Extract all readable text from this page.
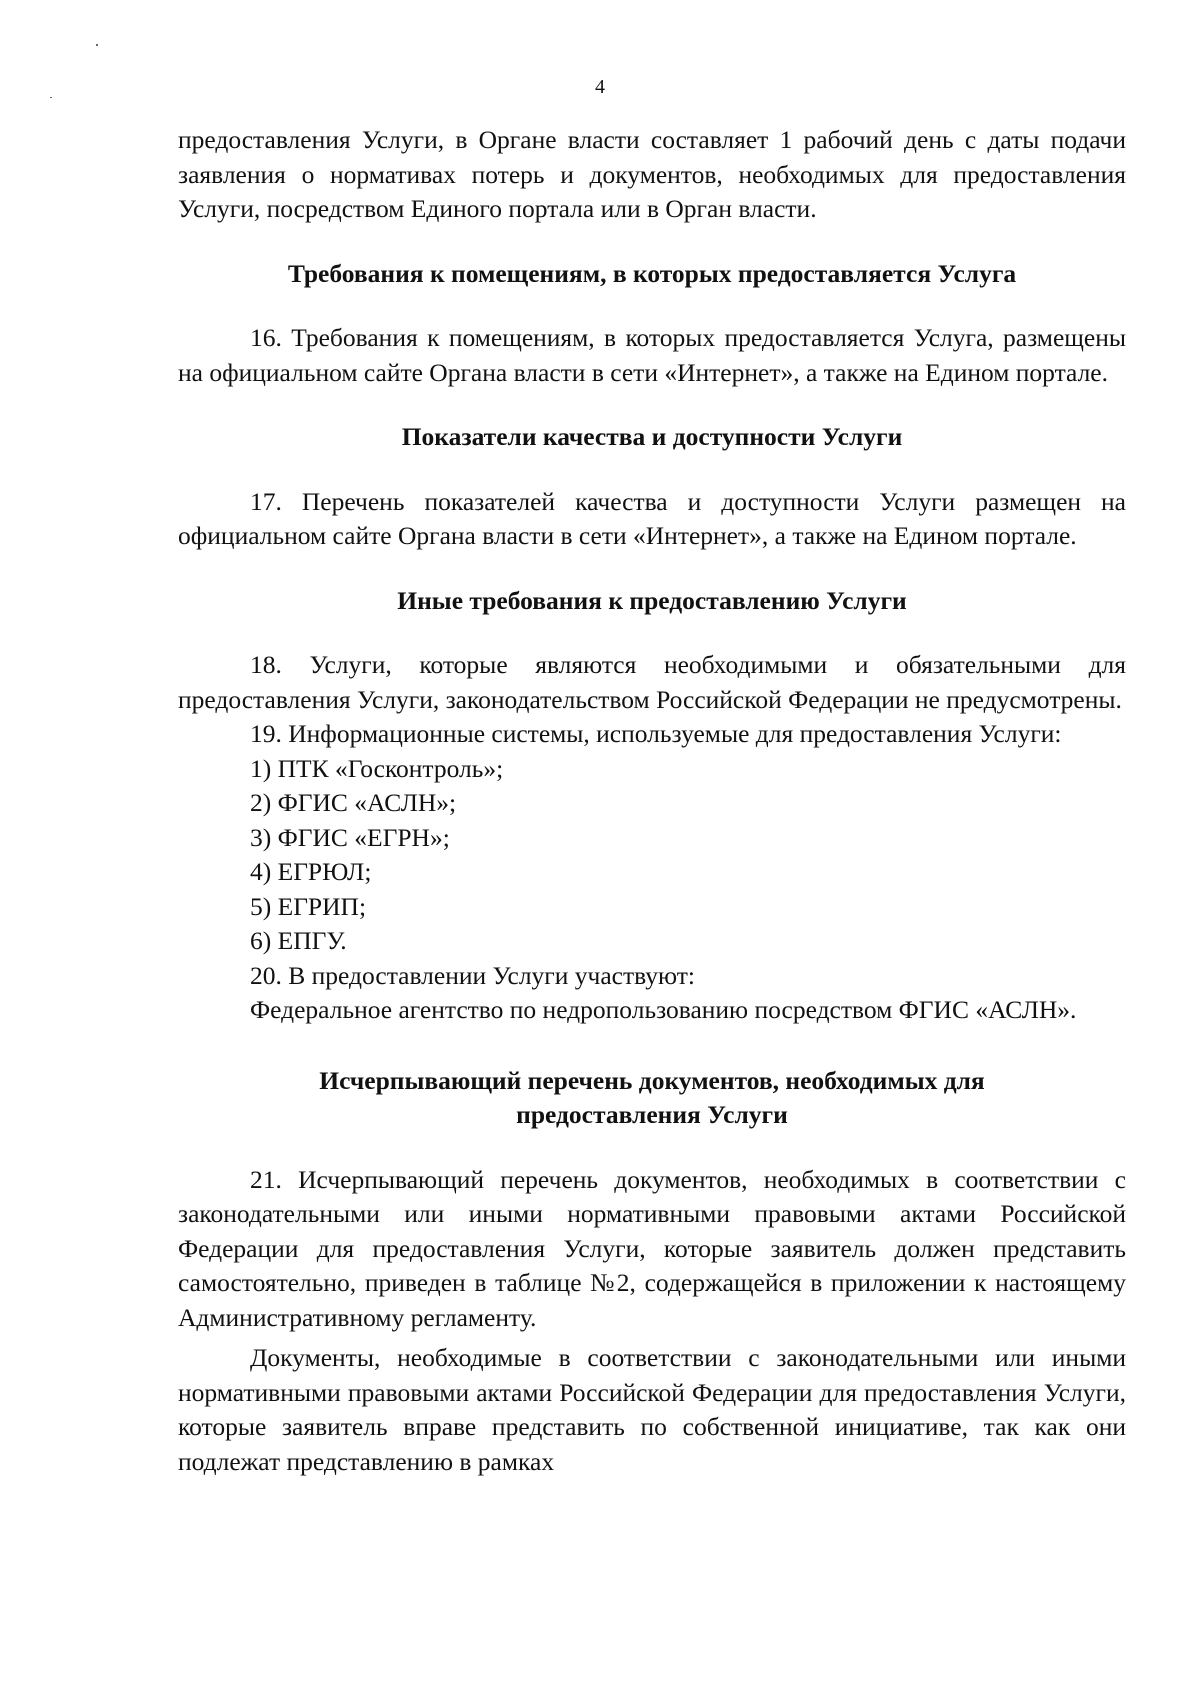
4

предоставления Услуги, в Органе власти составляет 1 рабочий день с даты подачи заявления о нормативах потерь и документов, необходимых для предоставления Услуги, посредством Единого портала или в Орган власти.

Требования к помещениям, в которых предоставляется Услуга

16. Требования к помещениям, в которых предоставляется Услуга, размещены на официальном сайте Органа власти в сети «Интернет», а также на Едином портале.

Показатели качества и доступности Услуги

17. Перечень показателей качества и доступности Услуги размещен на официальном сайте Органа власти в сети «Интернет», а также на Едином портале.

Иные требования к предоставлению Услуги

18. Услуги, которые являются необходимыми и обязательными для предоставления Услуги, законодательством Российской Федерации не предусмотрены.

19. Информационные системы, используемые для предоставления Услуги:

1) ПТК «Госконтроль»;

2) ФГИС «АСЛН»;

3) ФГИС «ЕГРН»;

4) ЕГРЮЛ;

5) ЕГРИП;

6) ЕПГУ.

20. В предоставлении Услуги участвуют:

Федеральное агентство по недропользованию посредством ФГИС «АСЛН».

Исчерпывающий перечень документов, необходимых для
предоставления Услуги

21. Исчерпывающий перечень документов, необходимых в соответствии с законодательными или иными нормативными правовыми актами Российской Федерации для предоставления Услуги, которые заявитель должен представить самостоятельно, приведен в таблице №2, содержащейся в приложении к настоящему Административному регламенту.

Документы, необходимые в соответствии с законодательными или иными нормативными правовыми актами Российской Федерации для предоставления Услуги, которые заявитель вправе представить по собственной инициативе, так как они подлежат представлению в рамках
